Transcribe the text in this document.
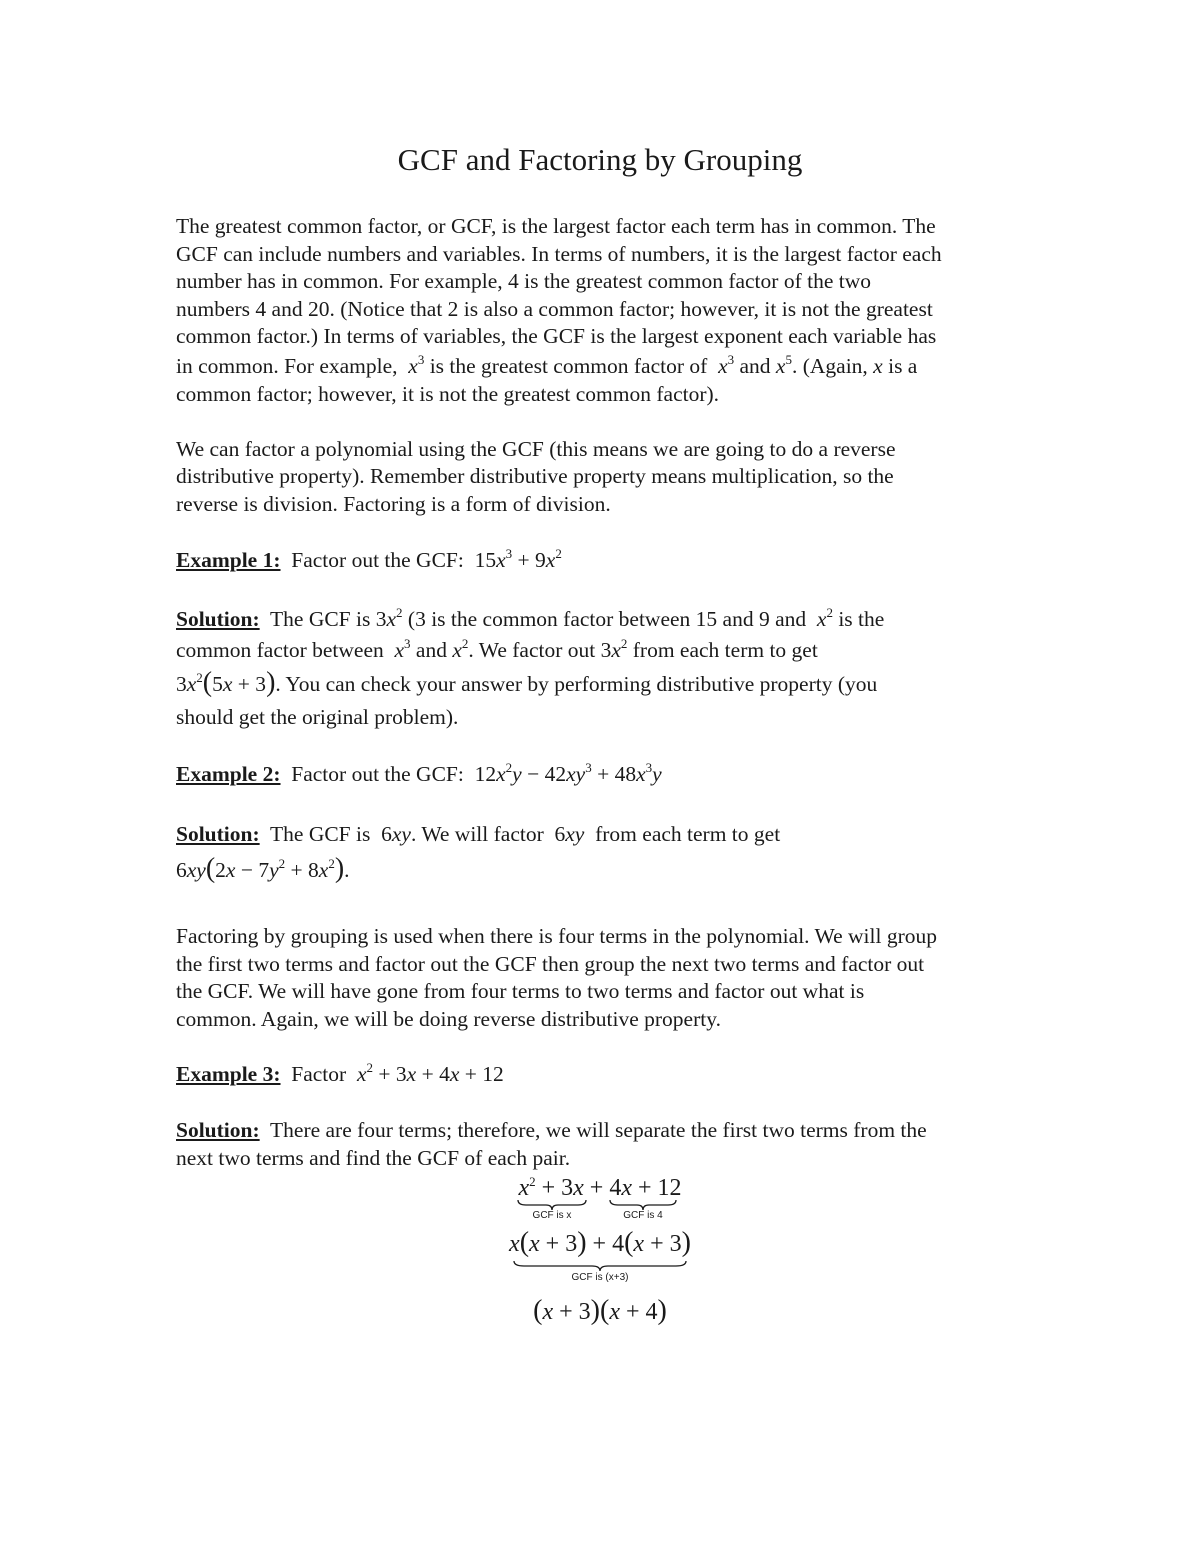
GCF and Factoring by Grouping
The greatest common factor, or GCF, is the largest factor each term has in common. The
GCF can include numbers and variables. In terms of numbers, it is the largest factor each
number has in common. For example, 4 is the greatest common factor of the two
numbers 4 and 20. (Notice that 2 is also a common factor; however, it is not the greatest
common factor.) In terms of variables, the GCF is the largest exponent each variable has
in common. For example, $x^3$ is the greatest common factor of $x^3$ and $x^5$. (Again, x is a
common factor; however, it is not the greatest common factor).
We can factor a polynomial using the GCF (this means we are going to do a reverse
distributive property). Remember distributive property means multiplication, so the
reverse is division. Factoring is a form of division.
Example 1: Factor out the GCF: $15x^3 + 9x^2$
Solution: The GCF is $3x^2$ (3 is the common factor between 15 and 9 and $x^2$ is the
common factor between $x^3$ and $x^2$. We factor out $3x^2$ from each term to get
$3x^2(5x + 3)$. You can check your answer by performing distributive property (you
should get the original problem).
Example 2: Factor out the GCF: $12x^2y - 42xy^3 + 48x^3y$
Solution: The GCF is 6xy. We will factor 6xy from each term to get
$6xy(2x - 7y^2 + 8x^2)$.
Factoring by grouping is used when there is four terms in the polynomial. We will group
the first two terms and factor out the GCF then group the next two terms and factor out
the GCF. We will have gone from four terms to two terms and factor out what is
common. Again, we will be doing reverse distributive property.
Example 3: Factor $x^2 + 3x + 4x + 12$
Solution: There are four terms; therefore, we will separate the first two terms from the
next two terms and find the GCF of each pair.
$x^2 + 3x + 4x + 12$
GCF is x	GCF is 4
x(x + 3) + 4(x + 3)
GCF is (x+3)
(x + 3)(x + 4)
